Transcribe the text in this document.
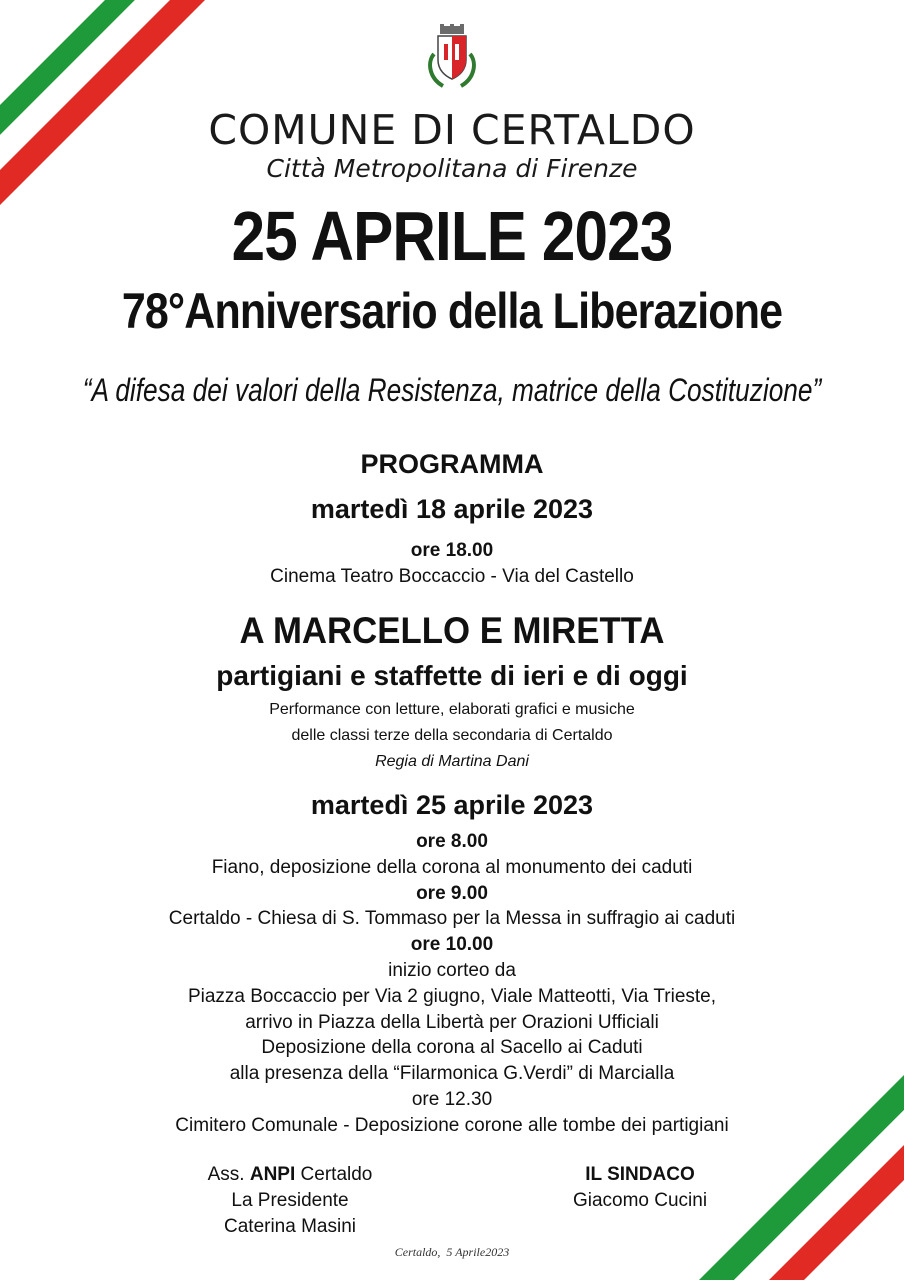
COMUNE DI CERTALDO
Città Metropolitana di Firenze
25 APRILE 2023
78°Anniversario della Liberazione
“A difesa dei valori della Resistenza, matrice della Costituzione”
PROGRAMMA
martedì 18 aprile 2023
ore 18.00
Cinema Teatro Boccaccio - Via del Castello
A MARCELLO E MIRETTA
partigiani e staffette di ieri e di oggi
Performance con letture, elaborati grafici e musiche
delle classi terze della secondaria di Certaldo
Regia di Martina Dani
martedì 25 aprile 2023
ore 8.00
Fiano, deposizione della corona al monumento dei caduti
ore 9.00
Certaldo - Chiesa di S. Tommaso per la Messa in suffragio ai caduti
ore 10.00
inizio corteo da
Piazza Boccaccio per Via 2 giugno, Viale Matteotti, Via Trieste,
arrivo in Piazza della Libertà per Orazioni Ufficiali
Deposizione della corona al Sacello ai Caduti
alla presenza della “Filarmonica G.Verdi” di Marcialla
ore 12.30
Cimitero Comunale - Deposizione corone alle tombe dei partigiani
Ass. ANPI Certaldo
La Presidente
Caterina Masini
IL SINDACO
Giacomo Cucini
Certaldo,  5 Aprile2023
